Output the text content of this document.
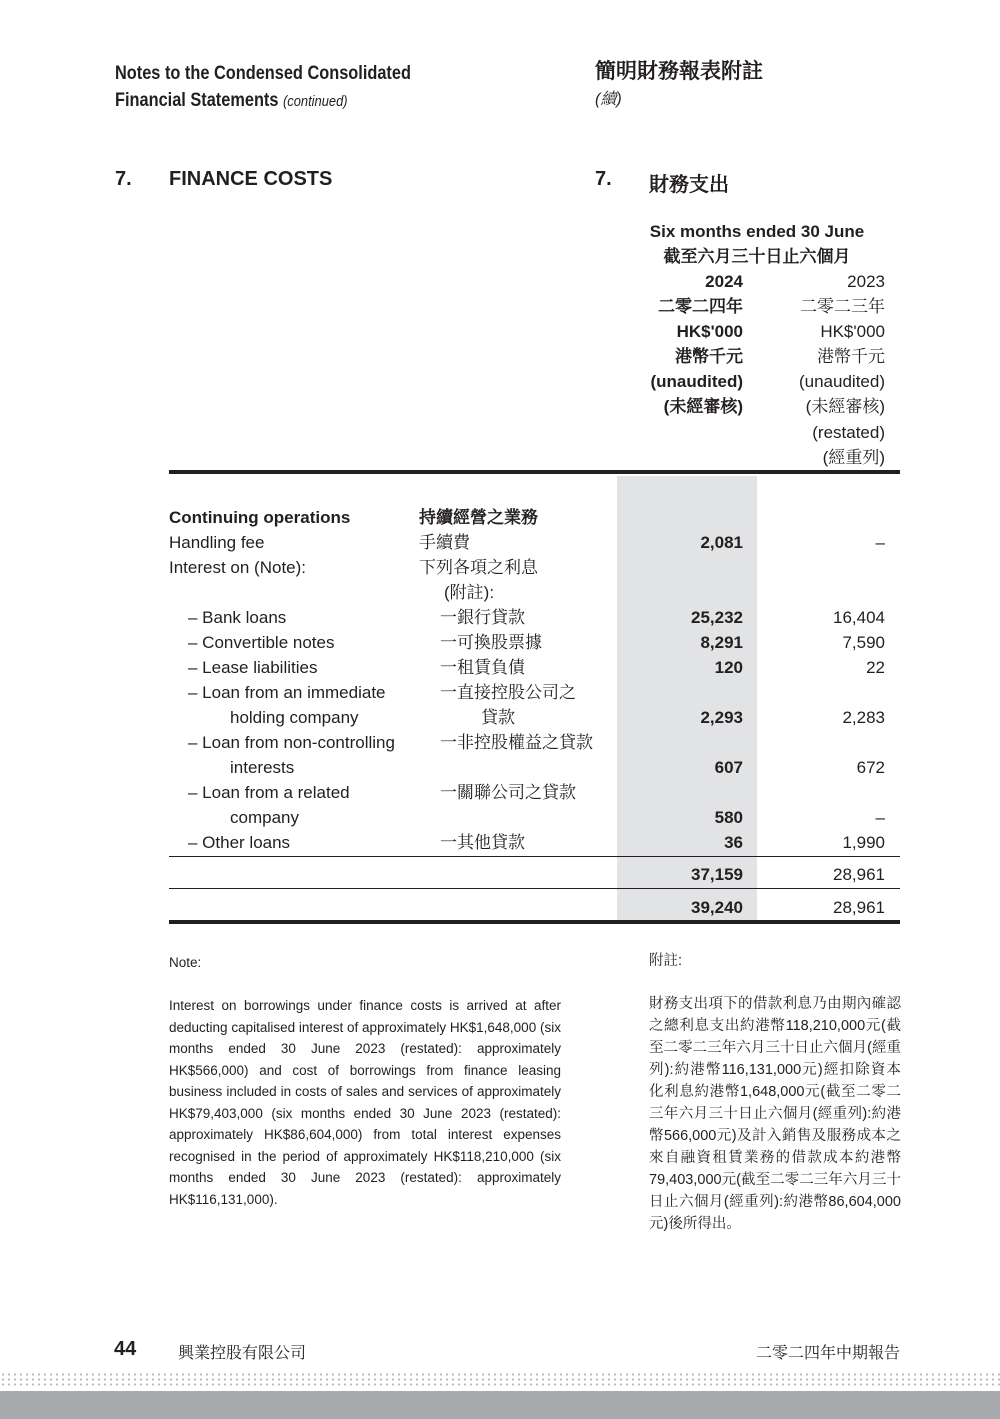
Notes to the Condensed Consolidated
Financial Statements (continued)
簡明財務報表附註
(續)
7. FINANCE COSTS	7. 財務支出
Six months ended 30 June
截至六月三十日止六個月
2024
二零二四年
HK$'000
港幣千元
(unaudited)
(未經審核)
2023
二零二三年
HK$'000
港幣千元
(unaudited)
(未經審核)
(restated)
(經重列)
Continuing operations	持續經營之業務
Handling fee	手續費	2,081	–
Interest on (Note):	下列各項之利息
(附註):
– Bank loans	一銀行貸款	25,232	16,404
– Convertible notes	一可換股票據	8,291	7,590
– Lease liabilities	一租賃負債	120	22
– Loan from an immediate	一直接控股公司之
holding company	貸款	2,293	2,283
– Loan from non-controlling	一非控股權益之貸款
interests	607	672
– Loan from a related	一關聯公司之貸款
company	580	–
– Other loans	一其他貸款	36	1,990
37,159	28,961
39,240	28,961
Note:	附註:
Interest on borrowings under finance costs is arrived at after deducting capitalised interest of approximately HK$1,648,000 (six months ended 30 June 2023 (restated): approximately HK$566,000) and cost of borrowings from finance leasing business included in costs of sales and services of approximately HK$79,403,000 (six months ended 30 June 2023 (restated): approximately HK$86,604,000) from total interest expenses recognised in the period of approximately HK$118,210,000 (six months ended 30 June 2023 (restated): approximately HK$116,131,000).
財務支出項下的借款利息乃由期內確認之總利息支出約港幣118,210,000元(截至二零二三年六月三十日止六個月(經重列):約港幣116,131,000元)經扣除資本化利息約港幣1,648,000元(截至二零二三年六月三十日止六個月(經重列):約港幣566,000元)及計入銷售及服務成本之來自融資租賃業務的借款成本約港幣79,403,000元(截至二零二三年六月三十日止六個月(經重列):約港幣86,604,000元)後所得出。
44	興業控股有限公司	二零二四年中期報告
